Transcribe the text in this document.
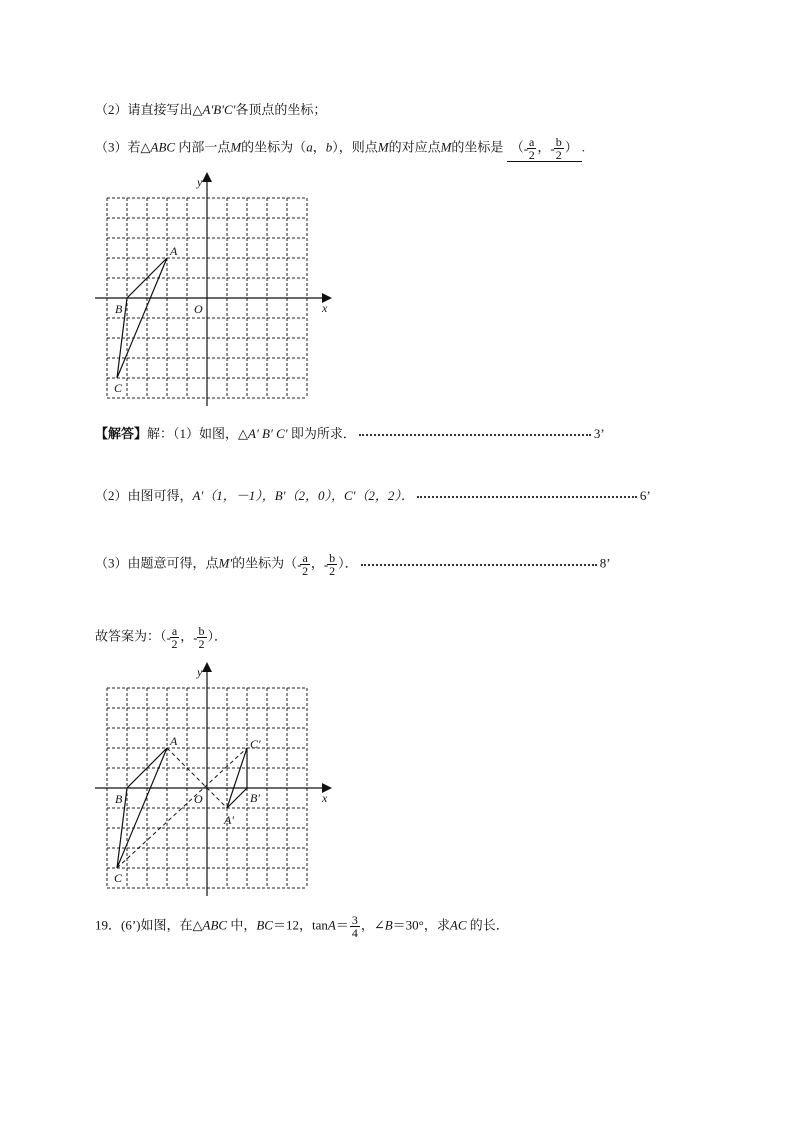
（2）请直接写出△A'B'C'各顶点的坐标；
（3）若△ABC 内部一点M的坐标为（a，b），则点M的对应点M的坐标是 （- $\frac{a}{2}$ ，- $\frac{b}{2}$ ） .
A
B
C
O	x
y
【解答】解：（1）如图，△A′ B′ C′ 即为所求．	3’
（2）由图可得，A'（1，－1），B'（2，0），C'（2，2）．	6’
（3）由题意可得，点M'的坐标为（- $\frac{a}{2}$ ，- $\frac{b}{2}$ ）．	8’
故答案为：（- $\frac{a}{2}$ ，- $\frac{b}{2}$ ）．
A
B
C
O
A′
B′
C′
x
y
19．(6’)如图，在△ABC 中，BC＝12，$\tan A= \frac{3}{4}$ ，∠B＝30°，求AC 的长．
